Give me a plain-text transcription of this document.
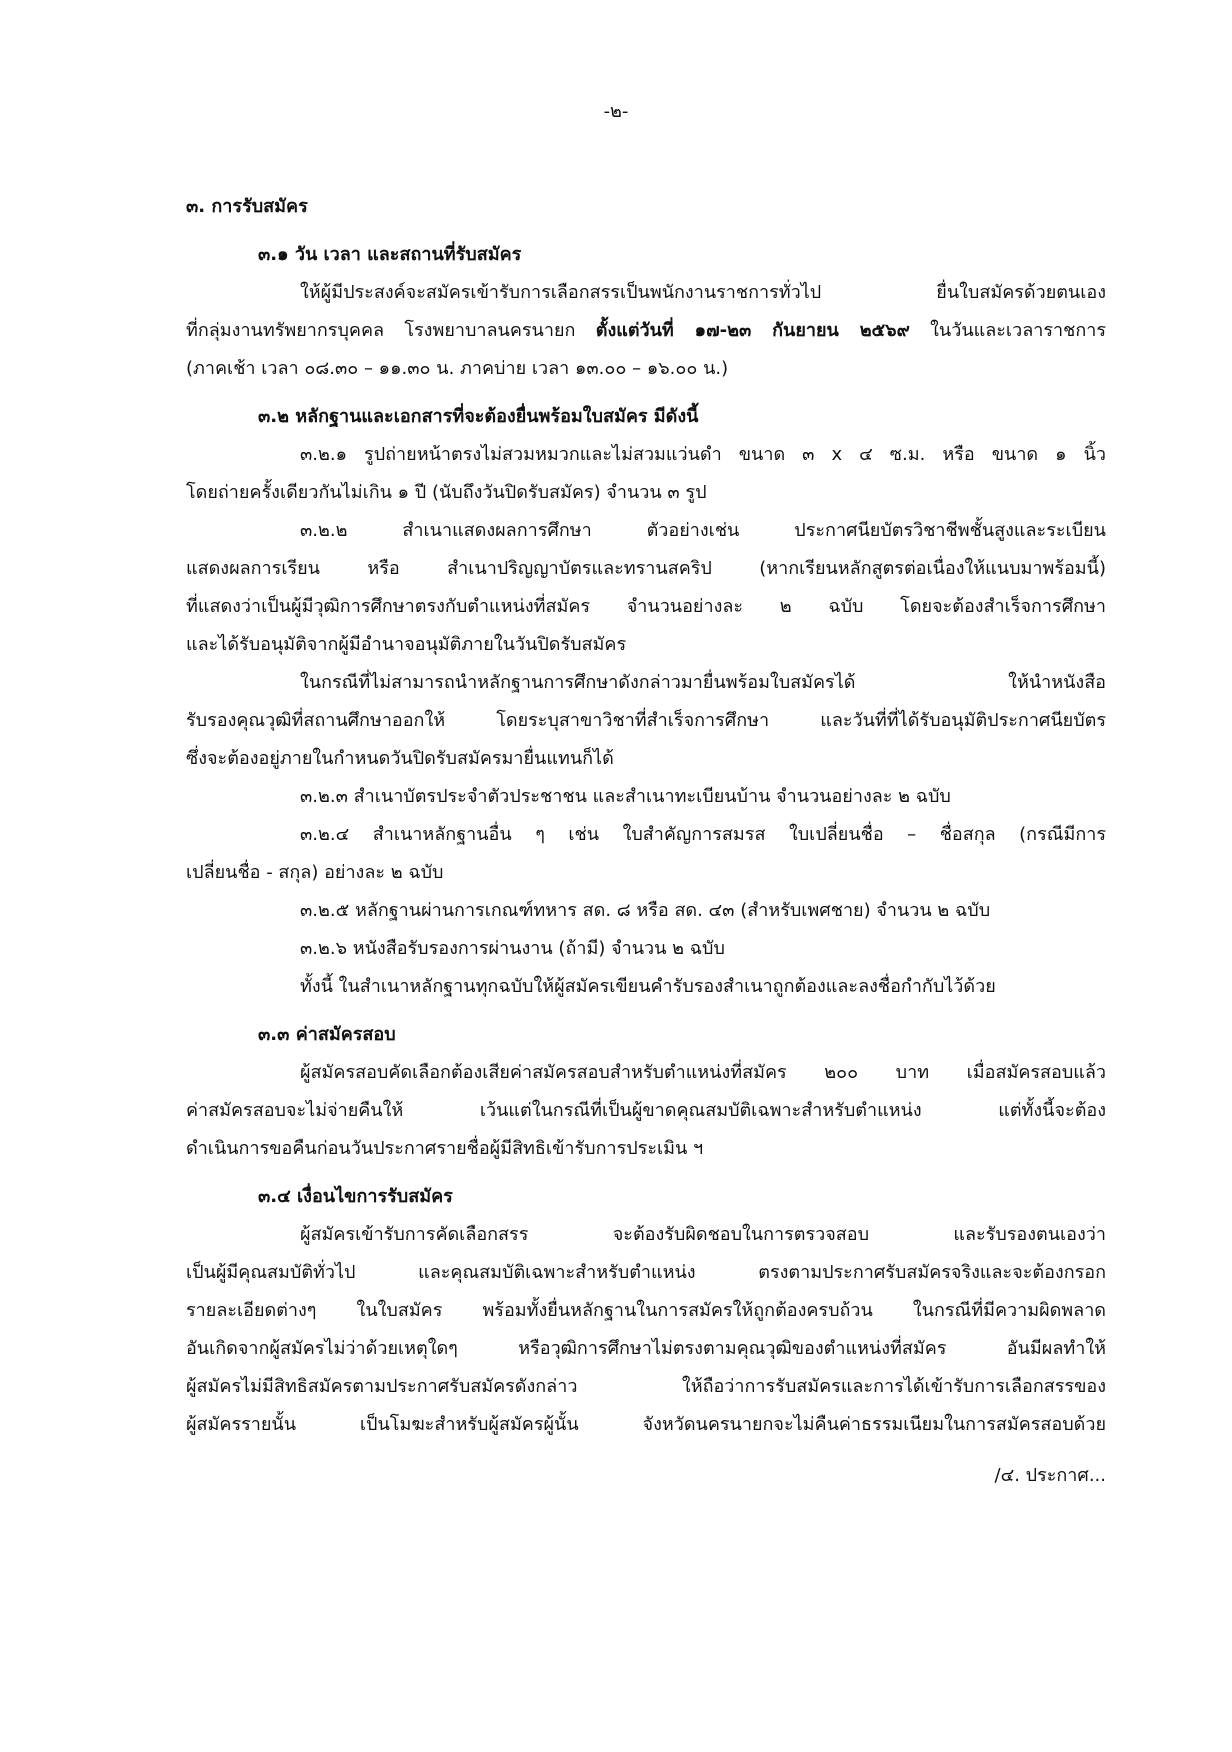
-๒-
๓. การรับสมัคร
๓.๑ วัน เวลา และสถานที่รับสมัคร
ให้ผู้มีประสงค์จะสมัครเข้ารับการเลือกสรรเป็นพนักงานราชการทั่วไป ยื่นใบสมัครด้วยตนเอง
ที่กลุ่มงานทรัพยากรบุคคล โรงพยาบาลนครนายก ตั้งแต่วันที่ ๑๗-๒๓ กันยายน ๒๕๖๙ ในวันและเวลาราชการ
(ภาคเช้า เวลา ๐๘.๓๐ – ๑๑.๓๐ น. ภาคบ่าย เวลา ๑๓.๐๐ – ๑๖.๐๐ น.)
๓.๒ หลักฐานและเอกสารที่จะต้องยื่นพร้อมใบสมัคร มีดังนี้
๓.๒.๑ รูปถ่ายหน้าตรงไม่สวมหมวกและไม่สวมแว่นดำ ขนาด ๓ x ๔ ซ.ม. หรือ ขนาด ๑ นิ้ว
โดยถ่ายครั้งเดียวกันไม่เกิน ๑ ปี (นับถึงวันปิดรับสมัคร) จำนวน ๓ รูป
๓.๒.๒ สำเนาแสดงผลการศึกษา ตัวอย่างเช่น ประกาศนียบัตรวิชาชีพชั้นสูงและระเบียน
แสดงผลการเรียน หรือ สำเนาปริญญาบัตรและทรานสคริป (หากเรียนหลักสูตรต่อเนื่องให้แนบมาพร้อมนี้)
ที่แสดงว่าเป็นผู้มีวุฒิการศึกษาตรงกับตำแหน่งที่สมัคร จำนวนอย่างละ ๒ ฉบับ โดยจะต้องสำเร็จการศึกษา
และได้รับอนุมัติจากผู้มีอำนาจอนุมัติภายในวันปิดรับสมัคร
ในกรณีที่ไม่สามารถนำหลักฐานการศึกษาดังกล่าวมายื่นพร้อมใบสมัครได้ ให้นำหนังสือ
รับรองคุณวุฒิที่สถานศึกษาออกให้ โดยระบุสาขาวิชาที่สำเร็จการศึกษา และวันที่ที่ได้รับอนุมัติประกาศนียบัตร
ซึ่งจะต้องอยู่ภายในกำหนดวันปิดรับสมัครมายื่นแทนก็ได้
๓.๒.๓ สำเนาบัตรประจำตัวประชาชน และสำเนาทะเบียนบ้าน จำนวนอย่างละ ๒ ฉบับ
๓.๒.๔ สำเนาหลักฐานอื่น ๆ เช่น ใบสำคัญการสมรส ใบเปลี่ยนชื่อ – ชื่อสกุล (กรณีมีการ
เปลี่ยนชื่อ - สกุล) อย่างละ ๒ ฉบับ
๓.๒.๕ หลักฐานผ่านการเกณฑ์ทหาร สด. ๘ หรือ สด. ๔๓ (สำหรับเพศชาย) จำนวน ๒ ฉบับ
๓.๒.๖ หนังสือรับรองการผ่านงาน (ถ้ามี) จำนวน ๒ ฉบับ
ทั้งนี้ ในสำเนาหลักฐานทุกฉบับให้ผู้สมัครเขียนคำรับรองสำเนาถูกต้องและลงชื่อกำกับไว้ด้วย
๓.๓ ค่าสมัครสอบ
ผู้สมัครสอบคัดเลือกต้องเสียค่าสมัครสอบสำหรับตำแหน่งที่สมัคร ๒๐๐ บาท เมื่อสมัครสอบแล้ว
ค่าสมัครสอบจะไม่จ่ายคืนให้ เว้นแต่ในกรณีที่เป็นผู้ขาดคุณสมบัติเฉพาะสำหรับตำแหน่ง แต่ทั้งนี้จะต้อง
ดำเนินการขอคืนก่อนวันประกาศรายชื่อผู้มีสิทธิเข้ารับการประเมิน ฯ
๓.๔ เงื่อนไขการรับสมัคร
ผู้สมัครเข้ารับการคัดเลือกสรร จะต้องรับผิดชอบในการตรวจสอบ และรับรองตนเองว่า
เป็นผู้มีคุณสมบัติทั่วไป และคุณสมบัติเฉพาะสำหรับตำแหน่ง ตรงตามประกาศรับสมัครจริงและจะต้องกรอก
รายละเอียดต่างๆ ในใบสมัคร พร้อมทั้งยื่นหลักฐานในการสมัครให้ถูกต้องครบถ้วน ในกรณีที่มีความผิดพลาด
อันเกิดจากผู้สมัครไม่ว่าด้วยเหตุใดๆ หรือวุฒิการศึกษาไม่ตรงตามคุณวุฒิของตำแหน่งที่สมัคร อันมีผลทำให้
ผู้สมัครไม่มีสิทธิสมัครตามประกาศรับสมัครดังกล่าว ให้ถือว่าการรับสมัครและการได้เข้ารับการเลือกสรรของ
ผู้สมัครรายนั้น เป็นโมฆะสำหรับผู้สมัครผู้นั้น จังหวัดนครนายกจะไม่คืนค่าธรรมเนียมในการสมัครสอบด้วย
/๔. ประกาศ...
